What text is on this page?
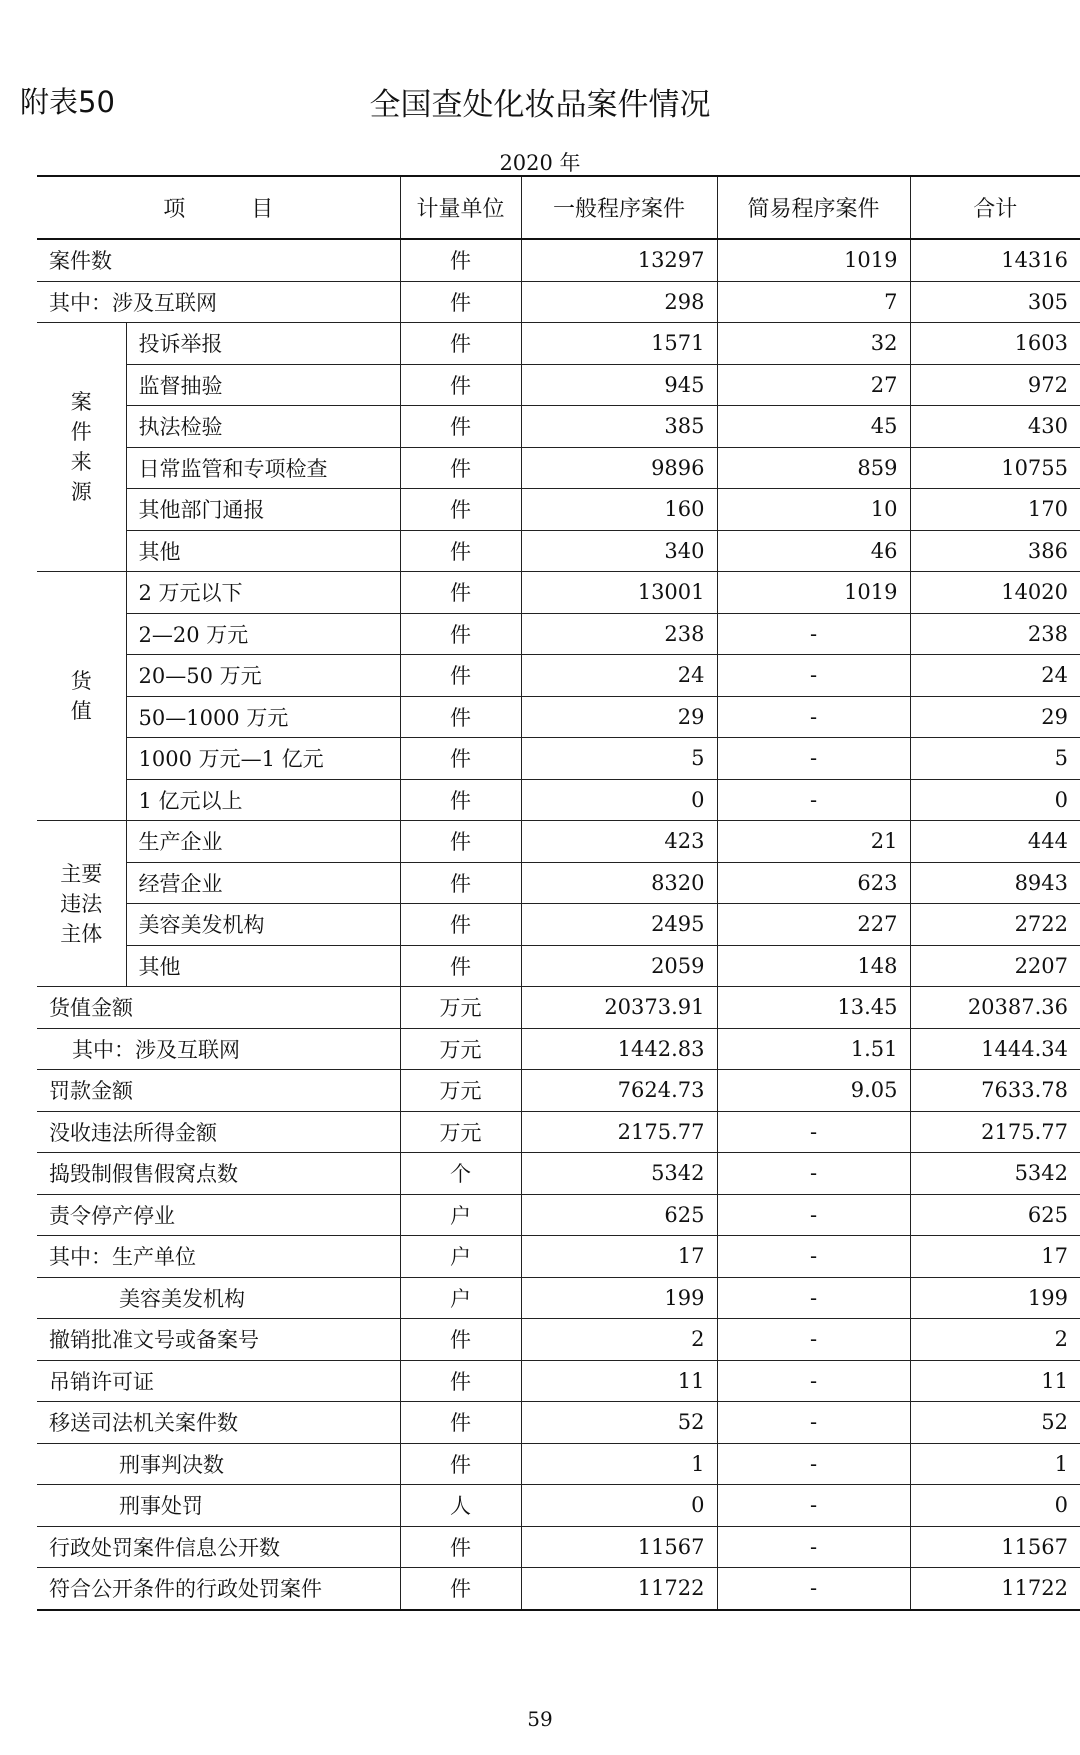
附表50	全国查处化妆品案件情况
2020 年
项　　　目		计量单位	一般程序案件	简易程序案件	合计
案件数		件	13297	1019	14316
其中：涉及互联网		件	298	7	305

案件来源	投诉举报	件	1571	32	1603
	监督抽验	件	945	27	972
	执法检验	件	385	45	430
	日常监管和专项检查	件	9896	859	10755
	其他部门通报	件	160	10	170
	其他	件	340	46	386

货值	2 万元以下	件	13001	1019	14020
	2—20 万元	件	238	-	238
	20—50 万元	件	24	-	24
	50—1000 万元	件	29	-	29
	1000 万元—1 亿元	件	5	-	5
	1 亿元以上	件	0	-	0

主要违法主体	生产企业	件	423	21	444
	经营企业	件	8320	623	8943
	美容美发机构	件	2495	227	2722
	其他	件	2059	148	2207
货值金额		万元	20373.91	13.45	20387.36
其中：涉及互联网		万元	1442.83	1.51	1444.34
罚款金额		万元	7624.73	9.05	7633.78
没收违法所得金额		万元	2175.77	-	2175.77
捣毁制假售假窝点数		个	5342	-	5342
责令停产停业		户	625	-	625
其中：生产单位		户	17	-	17
美容美发机构		户	199	-	199
撤销批准文号或备案号		件	2	-	2
吊销许可证		件	11	-	11
移送司法机关案件数		件	52	-	52
刑事判决数		件	1	-	1
刑事处罚		人	0	-	0
行政处罚案件信息公开数		件	11567	-	11567
符合公开条件的行政处罚案件		件	11722	-	11722
59
